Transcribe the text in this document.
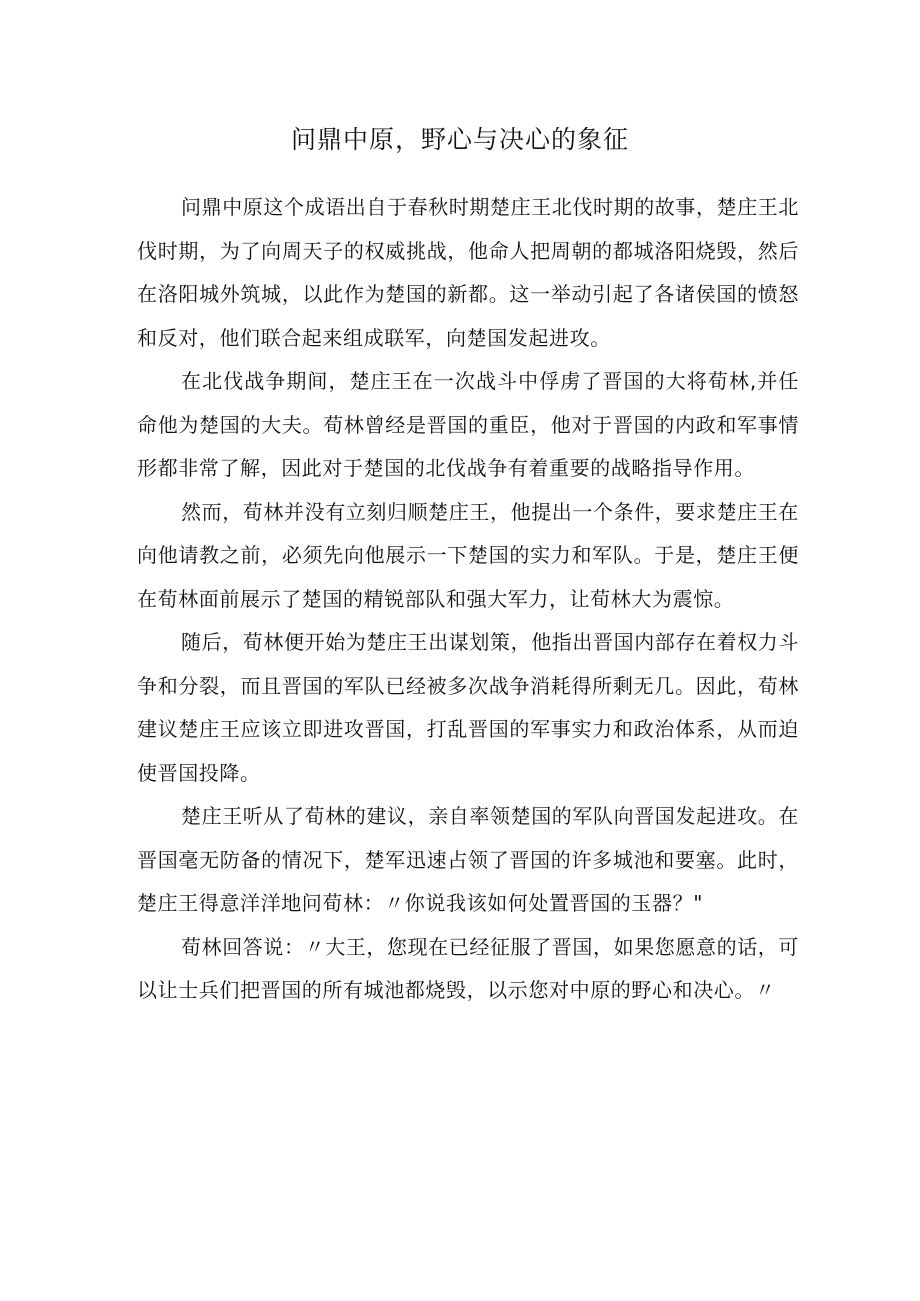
问鼎中原，野心与决心的象征

问鼎中原这个成语出自于春秋时期楚庄王北伐时期的故事，楚庄王北伐时期，为了向周天子的权威挑战，他命人把周朝的都城洛阳烧毁，然后在洛阳城外筑城，以此作为楚国的新都。这一举动引起了各诸侯国的愤怒和反对，他们联合起来组成联军，向楚国发起进攻。

在北伐战争期间，楚庄王在一次战斗中俘虏了晋国的大将荀林,并任命他为楚国的大夫。荀林曾经是晋国的重臣，他对于晋国的内政和军事情形都非常了解，因此对于楚国的北伐战争有着重要的战略指导作用。

然而，荀林并没有立刻归顺楚庄王，他提出一个条件，要求楚庄王在向他请教之前，必须先向他展示一下楚国的实力和军队。于是，楚庄王便在荀林面前展示了楚国的精锐部队和强大军力，让荀林大为震惊。

随后，荀林便开始为楚庄王出谋划策，他指出晋国内部存在着权力斗争和分裂，而且晋国的军队已经被多次战争消耗得所剩无几。因此，荀林建议楚庄王应该立即进攻晋国，打乱晋国的军事实力和政治体系，从而迫使晋国投降。

楚庄王听从了荀林的建议，亲自率领楚国的军队向晋国发起进攻。在晋国毫无防备的情况下，楚军迅速占领了晋国的许多城池和要塞。此时，楚庄王得意洋洋地问荀林：〃你说我该如何处置晋国的玉器？"

荀林回答说：〃大王，您现在已经征服了晋国，如果您愿意的话，可以让士兵们把晋国的所有城池都烧毁，以示您对中原的野心和决心。〃
